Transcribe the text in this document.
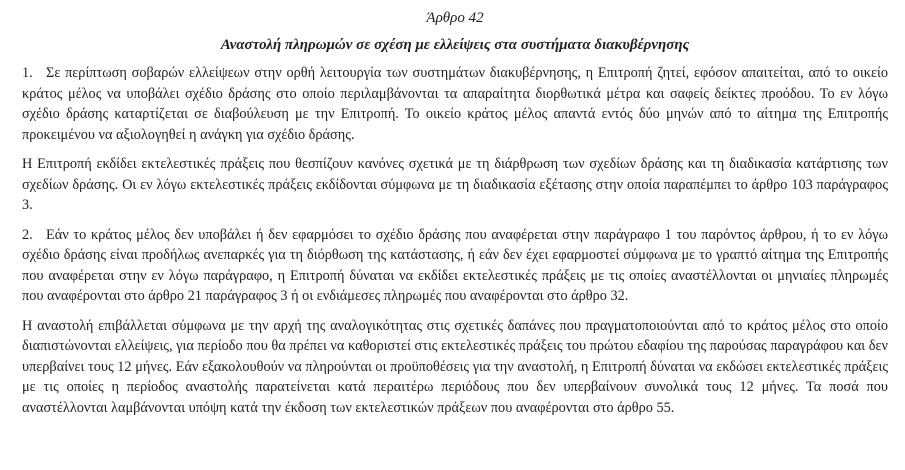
Άρθρο 42
Αναστολή πληρωμών σε σχέση με ελλείψεις στα συστήματα διακυβέρνησης

1. Σε περίπτωση σοβαρών ελλείψεων στην ορθή λειτουργία των συστημάτων διακυβέρνησης, η Επιτροπή ζητεί, εφόσον απαιτείται, από το οικείο κράτος μέλος να υποβάλει σχέδιο δράσης στο οποίο περιλαμβάνονται τα απαραίτητα διορθωτικά μέτρα και σαφείς δείκτες προόδου. Το εν λόγω σχέδιο δράσης καταρτίζεται σε διαβούλευση με την Επιτροπή. Το οικείο κράτος μέλος απαντά εντός δύο μηνών από το αίτημα της Επιτροπής προκειμένου να αξιολογηθεί η ανάγκη για σχέδιο δράσης.

Η Επιτροπή εκδίδει εκτελεστικές πράξεις που θεσπίζουν κανόνες σχετικά με τη διάρθρωση των σχεδίων δράσης και τη διαδικασία κατάρτισης των σχεδίων δράσης. Οι εν λόγω εκτελεστικές πράξεις εκδίδονται σύμφωνα με τη διαδικασία εξέτασης στην οποία παραπέμπει το άρθρο 103 παράγραφος 3.

2. Εάν το κράτος μέλος δεν υποβάλει ή δεν εφαρμόσει το σχέδιο δράσης που αναφέρεται στην παράγραφο 1 του παρόντος άρθρου, ή το εν λόγω σχέδιο δράσης είναι προδήλως ανεπαρκές για τη διόρθωση της κατάστασης, ή εάν δεν έχει εφαρμοστεί σύμφωνα με το γραπτό αίτημα της Επιτροπής που αναφέρεται στην εν λόγω παράγραφο, η Επιτροπή δύναται να εκδίδει εκτελεστικές πράξεις με τις οποίες αναστέλλονται οι μηνιαίες πληρωμές που αναφέρονται στο άρθρο 21 παράγραφος 3 ή οι ενδιάμεσες πληρωμές που αναφέρονται στο άρθρο 32.

Η αναστολή επιβάλλεται σύμφωνα με την αρχή της αναλογικότητας στις σχετικές δαπάνες που πραγματοποιούνται από το κράτος μέλος στο οποίο διαπιστώνονται ελλείψεις, για περίοδο που θα πρέπει να καθοριστεί στις εκτελεστικές πράξεις του πρώτου εδαφίου της παρούσας παραγράφου και δεν υπερβαίνει τους 12 μήνες. Εάν εξακολουθούν να πληρούνται οι προϋποθέσεις για την αναστολή, η Επιτροπή δύναται να εκδώσει εκτελεστικές πράξεις με τις οποίες η περίοδος αναστολής παρατείνεται κατά περαιτέρω περιόδους που δεν υπερβαίνουν συνολικά τους 12 μήνες. Τα ποσά που αναστέλλονται λαμβάνονται υπόψη κατά την έκδοση των εκτελεστικών πράξεων που αναφέρονται στο άρθρο 55.
